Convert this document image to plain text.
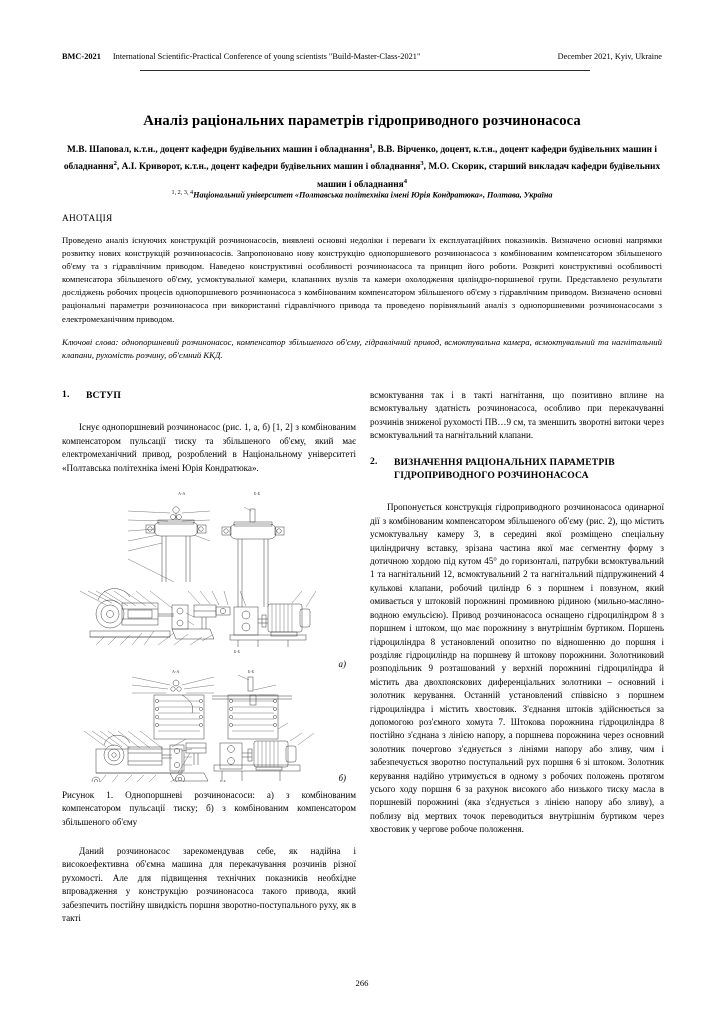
BMC-2021 International Scientific-Practical Conference of young scientists "Build-Master-Class-2021"	December 2021, Kyiv, Ukraine
Аналіз раціональних параметрів гідроприводного розчинонасоса
М.В. Шаповал, к.т.н., доцент кафедри будівельних машин і обладнання$^1$, В.В. Вірченко, доцент, к.т.н., доцент кафедри будівельних машин і обладнання$^2$, А.І. Криворот, к.т.н., доцент кафедри будівельних машин і обладнання$^3$, М.О. Скорик, старший викладач кафедри будівельних машин і обладнання$^4$
$^{1, 2, 3, 4}$Національний університет «Полтавська політехніка імені Юрія Кондратюка», Полтава, Україна
АНОТАЦІЯ
Проведено аналіз існуючих конструкцій розчинонасосів, виявлені основні недоліки і переваги їх експлуатаційних показників. Визначено основні напрямки розвитку нових конструкцій розчинонасосів. Запропоновано нову конструкцію однопоршневого розчинонасоса з комбінованим компенсатором збільшеного об'єму та з гідравлічним приводом. Наведено конструктивні особливості розчинонасоса та принцип його роботи. Розкриті конструктивні особливості компенсатора збільшеного об'єму, усмоктувальної камери, клапанних вузлів та камери охолодження циліндро-поршневої групи. Представлено результати досліджень робочих процесів однопоршневого розчинонасоса з комбінованим компенсатором збільшеного об'єму з гідравлічним приводом. Визначено основні раціональні параметри розчинонасоса при використанні гідравлічного привода та проведено порівняльний аналіз з однопоршневими розчинонасосами з електромеханічним приводом.
Ключові слова: однопоршневий розчинонасос, компенсатор збільшеного об'єму, гідравлічний привод, всмоктувальна камера, всмоктувальний та нагнітальний клапани, рухомість розчину, об'ємний ККД.
1.	ВСТУП

Існує однопоршневий розчинонасос (рис. 1, а, б) [1, 2] з комбінованим компенсатором пульсації тиску та збільшеного об'єму, який має електромеханічний привод, розроблений в Національному університеті «Полтавська політехніка імені Юрія Кондратюка».

А-А	Б-Б
Б-Б
А-А	Б-Б
Б-Б
а)
б)
Рисунок 1. Однопоршневі розчинонасоси: а) з комбінованим компенсатором пульсації тиску; б) з комбінованим компенсатором збільшеного об'єму

Даний розчинонасос зарекомендував себе, як надійна і високоефективна об'ємна машина для перекачування розчинів різної рухомості. Але для підвищення технічних показників необхідне впровадження у конструкцію розчинонасоса такого привода, який забезпечить постійну швидкість поршня зворотно-поступального руху, як в такті

всмоктування так і в такті нагнітання, що позитивно вплине на всмоктувальну здатність розчинонасоса, особливо при перекачуванні розчинів зниженої рухомості ПВ…9 см, та зменшить зворотні витоки через всмоктувальний та нагнітальний клапани.

2.	ВИЗНАЧЕННЯ РАЦІОНАЛЬНИХ ПАРАМЕТРІВ ГІДРОПРИВОДНОГО РОЗЧИНОНАСОСА

Пропонується конструкція гідроприводного розчинонасоса одинарної дії з комбінованим компенсатором збільшеного об'єму (рис. 2), що містить усмоктувальну камеру 3, в середині якої розміщено спеціальну циліндричну вставку, зрізана частина якої має сегментну форму з дотичною хордою під кутом 45° до горизонталі, патрубки всмоктувальний 1 та нагнітальний 12, всмоктувальний 2 та нагнітальний підпружинений 4 кулькові клапани, робочий циліндр 6 з поршнем і повзуном, який омивається у штоковій порожнині промивною рідиною (мильно-масляно-водною емульсією). Привод розчинонасоса оснащено гідроциліндром 8 з поршнем і штоком, що має порожнину з внутрішнім буртиком. Поршень гідроциліндра 8 установлений опозитно по відношенню до поршня і розділяє гідроциліндр на поршневу й штокову порожнини. Золотниковий розподільник 9 розташований у верхній порожнині гідроциліндра й містить два двохпояскових диференціальних золотники – основний і золотник керування. Останній установлений співвісно з поршнем гідроциліндра і містить хвостовик. З'єднання штоків здійснюється за допомогою роз'ємного хомута 7. Штокова порожнина гідроциліндра 8 постійно з'єднана з лінією напору, а поршнева порожнина через основний золотник почергово з'єднується з лініями напору або зливу, чим і забезпечується зворотно поступальний рух поршня 6 зі штоком. Золотник керування надійно утримується в одному з робочих положень протягом усього ходу поршня 6 за рахунок високого або низького тиску масла в поршневій порожнині (яка з'єднується з лінією напору або зливу), а поблизу від мертвих точок переводиться внутрішнім буртиком через хвостовик у чергове робоче положення.

266
